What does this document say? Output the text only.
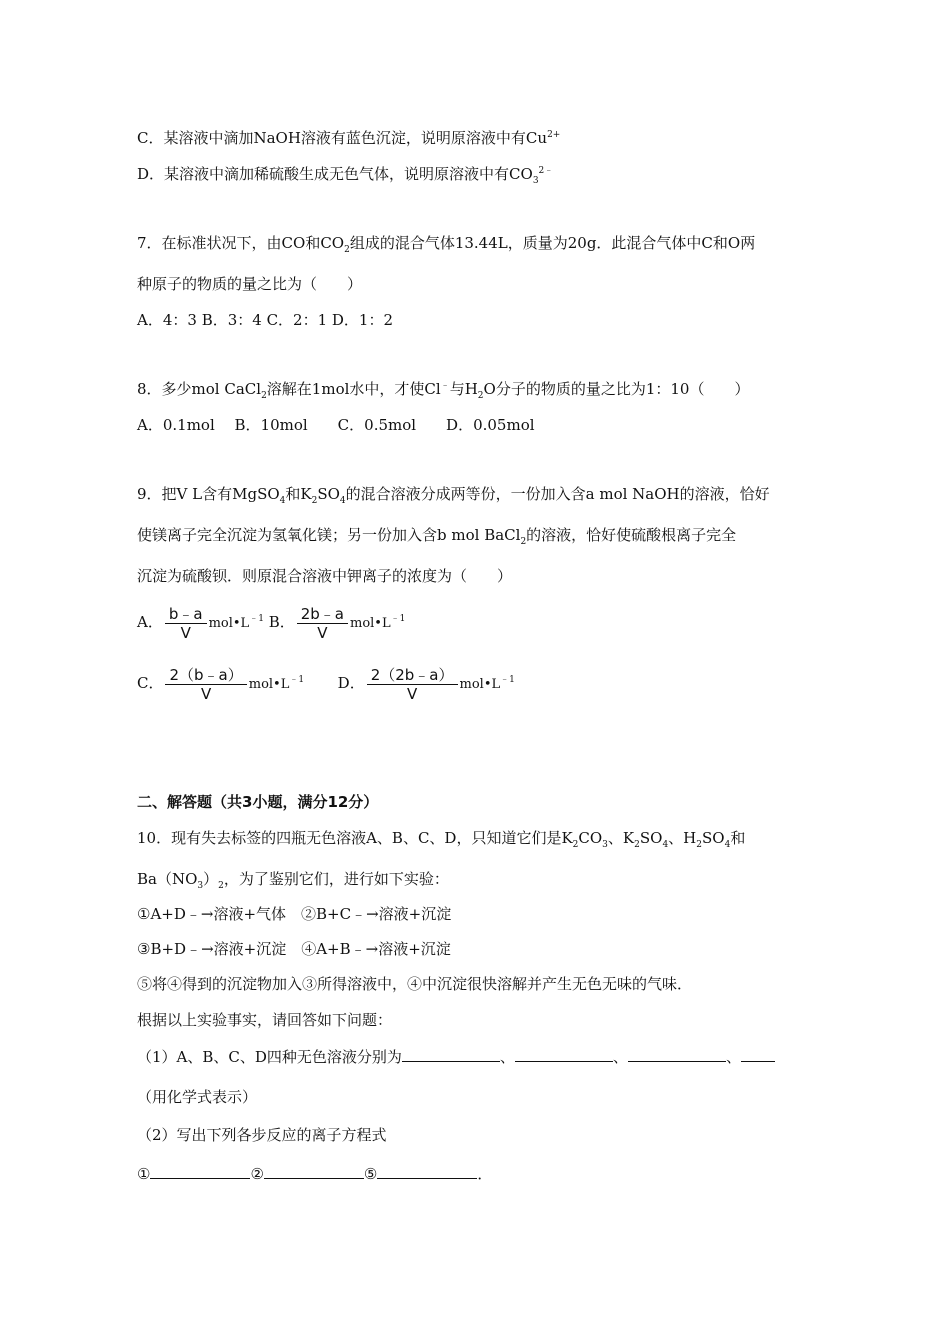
C．某溶液中滴加NaOH溶液有蓝色沉淀，说明原溶液中有$Cu^{2+}$
D．某溶液中滴加稀硫酸生成无色气体，说明原溶液中有$CO_3^{2﹣}$
7．在标准状况下，由CO和$CO_2$组成的混合气体13.44L，质量为20g．此混合气体中C和O两
种原子的物质的量之比为（　　）
A．4：3 B．3：4 C．2：1 D．1：2
8．多少mol CaCl$_2$溶解在1mol水中，才使Cl﹣与$H_2O$分子的物质的量之比为1：10（　　）
A．0.1mol　 B．10mol　　C．0.5mol　　D．0.05mol
9．把V L含有MgSO$_4$和$K_2SO_4$的混合溶液分成两等份，一份加入含a mol NaOH的溶液，恰好
使镁离子完全沉淀为氢氧化镁；另一份加入含b mol BaCl$_2$的溶液，恰好使硫酸根离子完全
沉淀为硫酸钡．则原混合溶液中钾离子的浓度为（　　）
A． $\frac{b﹣a}{V}$ $mol•L^{﹣1}$ B． $\frac{2b﹣a}{V}$ $mol•L^{﹣1}$
C． $\frac{2(b﹣a)}{V}$ $mol•L^{﹣1}$ D． $\frac{2(2b﹣a)}{V}$ $mol•L^{﹣1}$
二、解答题（共3小题，满分12分）
10．现有失去标签的四瓶无色溶液A、B、C、D，只知道它们是$K_2CO_3$、$K_2SO_4$、$H_2SO_4$和
$Ba(NO_3)_2$，为了鉴别它们，进行如下实验：
①A+D﹣→溶液+气体　②B+C﹣→溶液+沉淀
③B+D﹣→溶液+沉淀　④A+B﹣→溶液+沉淀
⑤将④得到的沉淀物加入③所得溶液中，④中沉淀很快溶解并产生无色无味的气味．
根据以上实验事实，请回答如下问题：
（1）A、B、C、D四种无色溶液分别为	、	、	、
（用化学式表示）
（2）写出下列各步反应的离子方程式
①	②	⑤	．
